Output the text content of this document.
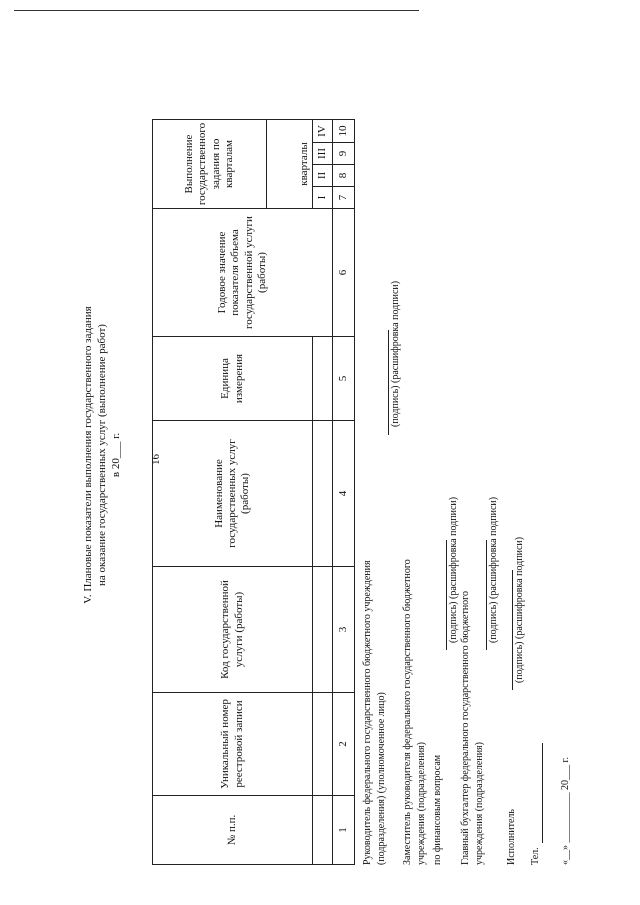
16
V. Плановые показатели выполнения государственного задания на оказание государственных услуг (выполнение работ) в 20___ г.
№ п.п.	Уникальный номер реестровой записи	Код государственной услуги (работы)	Наименование государственных услуг (работы)	Единица измерения	Годовое значение показателя объема государственной услуги (работы)	Выполнение государственного задания по кварталам			
						кварталы			
						I	II	III	IV
1	2	3	4	5	6	7	8	9	10
Руководитель федерального государственного бюджетного учреждения (подразделения) (уполномоченное лицо)
(подпись) (расшифровка подписи)
Заместитель руководителя федерального государственного бюджетного учреждения (подразделения) по финансовым вопросам
(подпись) (расшифровка подписи)
Главный бухгалтер федерального государственного бюджетного учреждения (подразделения)
(подпись) (расшифровка подписи)
Исполнитель
(подпись) (расшифровка подписи)
Тел. «__» __________ 20___ г.
